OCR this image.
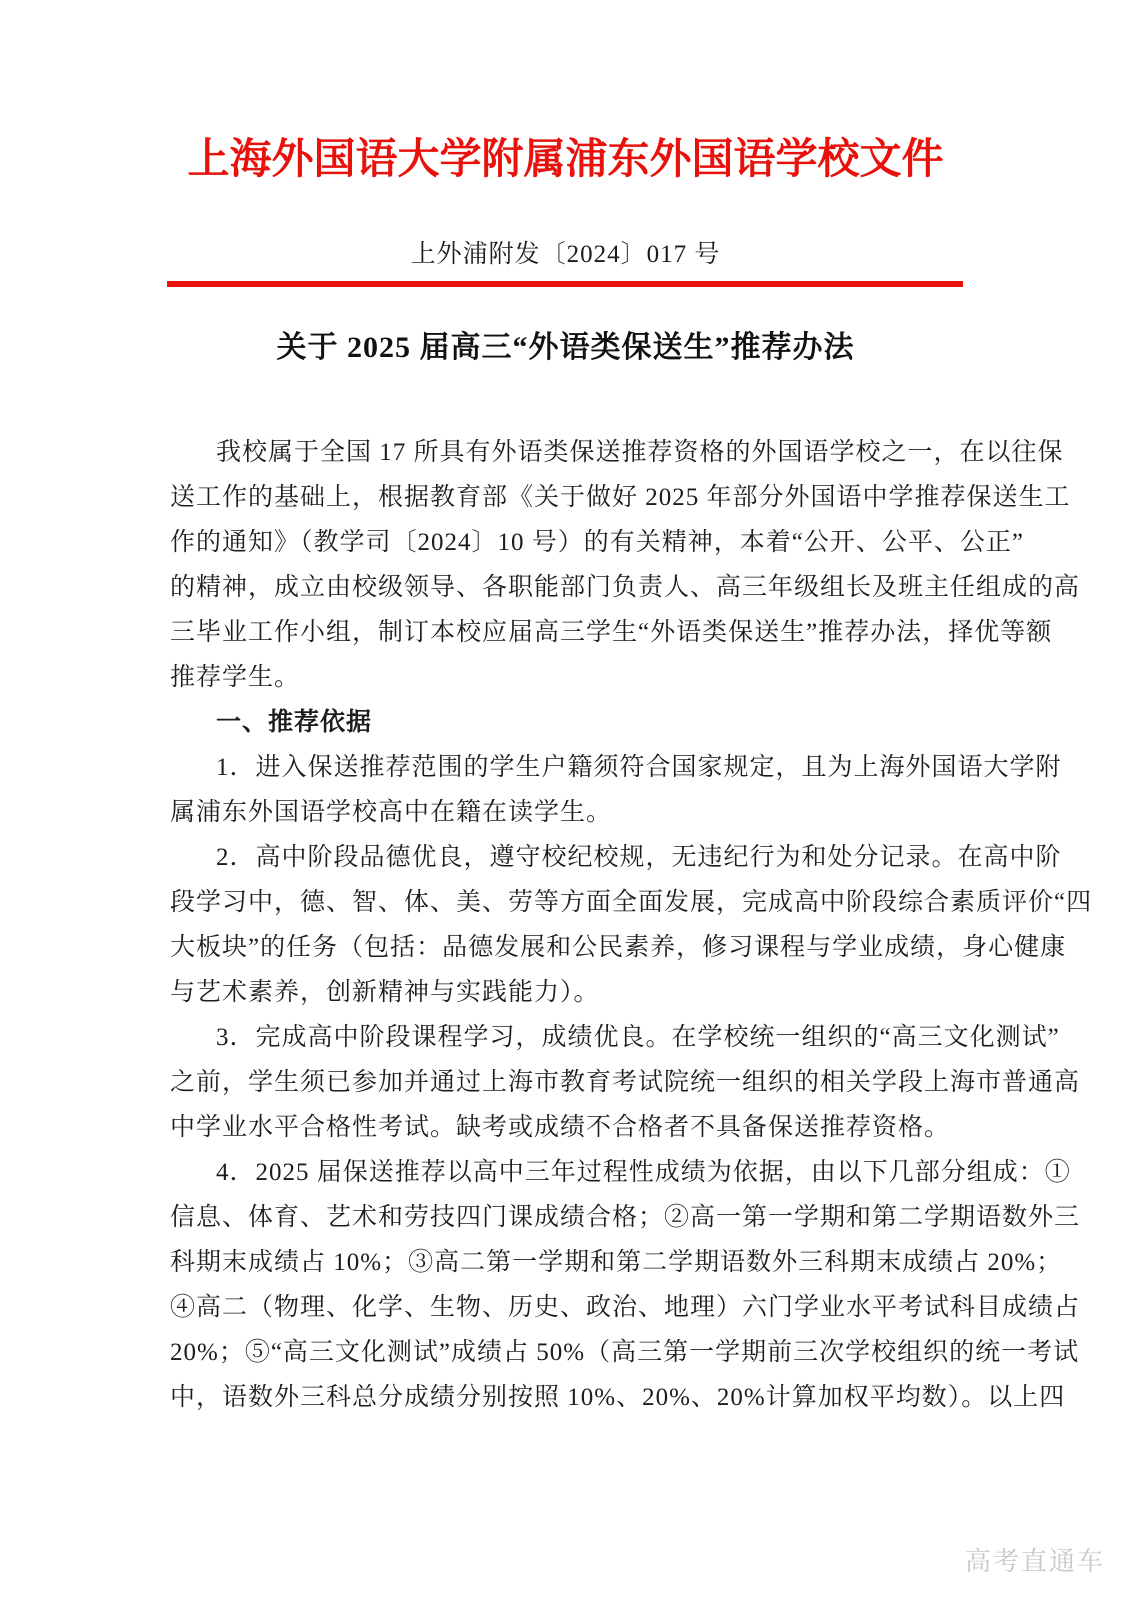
上海外国语大学附属浦东外国语学校文件
上外浦附发〔2024〕017 号
关于 2025 届高三“外语类保送生”推荐办法
我校属于全国 17 所具有外语类保送推荐资格的外国语学校之一，在以往保
送工作的基础上，根据教育部《关于做好 2025 年部分外国语中学推荐保送生工
作的通知》（教学司〔2024〕10 号）的有关精神，本着“公开、公平、公正”
的精神，成立由校级领导、各职能部门负责人、高三年级组长及班主任组成的高
三毕业工作小组，制订本校应届高三学生“外语类保送生”推荐办法，择优等额
推荐学生。
一、推荐依据
1．进入保送推荐范围的学生户籍须符合国家规定，且为上海外国语大学附
属浦东外国语学校高中在籍在读学生。
2．高中阶段品德优良，遵守校纪校规，无违纪行为和处分记录。在高中阶
段学习中，德、智、体、美、劳等方面全面发展，完成高中阶段综合素质评价“四
大板块”的任务（包括：品德发展和公民素养，修习课程与学业成绩，身心健康
与艺术素养，创新精神与实践能力）。
3．完成高中阶段课程学习，成绩优良。在学校统一组织的“高三文化测试”
之前，学生须已参加并通过上海市教育考试院统一组织的相关学段上海市普通高
中学业水平合格性考试。缺考或成绩不合格者不具备保送推荐资格。
4．2025 届保送推荐以高中三年过程性成绩为依据，由以下几部分组成：①
信息、体育、艺术和劳技四门课成绩合格；②高一第一学期和第二学期语数外三
科期末成绩占 10%；③高二第一学期和第二学期语数外三科期末成绩占 20%；
④高二（物理、化学、生物、历史、政治、地理）六门学业水平考试科目成绩占
20%；⑤“高三文化测试”成绩占 50%（高三第一学期前三次学校组织的统一考试
中，语数外三科总分成绩分别按照 10%、20%、20%计算加权平均数）。以上四
高考直通车
